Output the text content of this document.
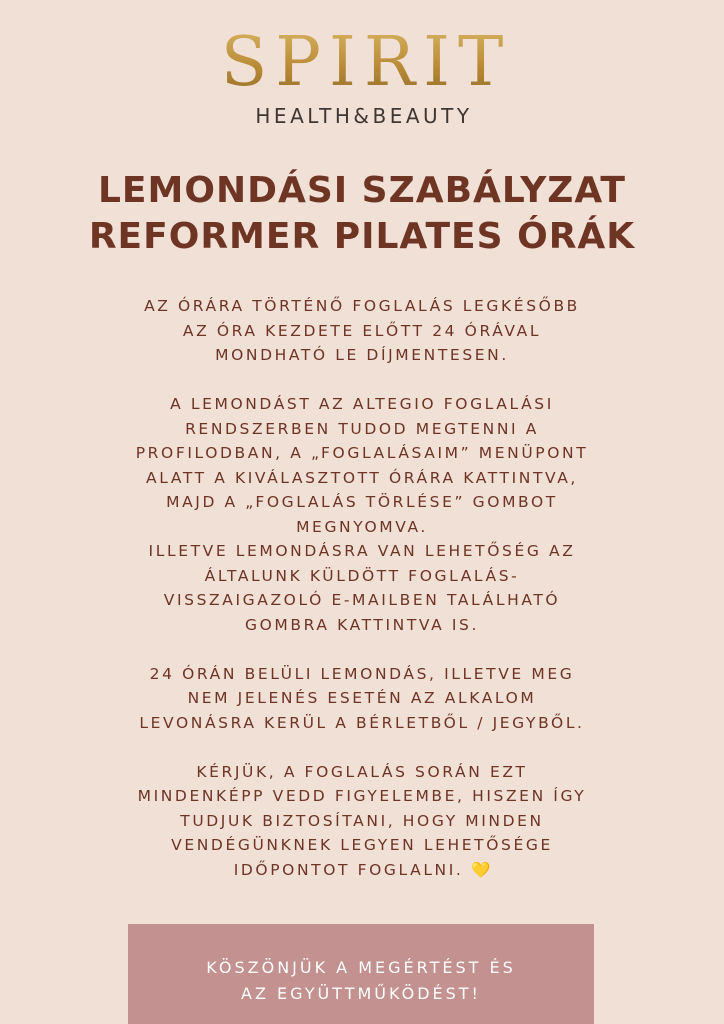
SPIRIT
HEALTH&BEAUTY
LEMONDÁSI SZABÁLYZAT
REFORMER PILATES ÓRÁK
AZ ÓRÁRA TÖRTÉNŐ FOGLALÁS LEGKÉSŐBB
AZ ÓRA KEZDETE ELŐTT 24 ÓRÁVAL
MONDHATÓ LE DÍJMENTESEN.
A LEMONDÁST AZ ALTEGIO FOGLALÁSI
RENDSZERBEN TUDOD MEGTENNI A
PROFILODBAN, A „FOGLALÁSAIM” MENÜPONT
ALATT A KIVÁLASZTOTT ÓRÁRA KATTINTVA,
MAJD A „FOGLALÁS TÖRLÉSE” GOMBOT
MEGNYOMVA.
ILLETVE LEMONDÁSRA VAN LEHETŐSÉG AZ
ÁLTALUNK KÜLDÖTT FOGLALÁS-
VISSZAIGAZOLÓ E-MAILBEN TALÁLHATÓ
GOMBRA KATTINTVA IS.
24 ÓRÁN BELÜLI LEMONDÁS, ILLETVE MEG
NEM JELENÉS ESETÉN AZ ALKALOM
LEVONÁSRA KERÜL A BÉRLETBŐL / JEGYBŐL.
KÉRJÜK, A FOGLALÁS SORÁN EZT
MINDENKÉPP VEDD FIGYELEMBE, HISZEN ÍGY
TUDJUK BIZTOSÍTANI, HOGY MINDEN
VENDÉGÜNKNEK LEGYEN LEHETŐSÉGE
IDŐPONTOT FOGLALNI. 💛
KÖSZÖNJÜK A MEGÉRTÉST ÉS
AZ EGYÜTTMŰKÖDÉST!
